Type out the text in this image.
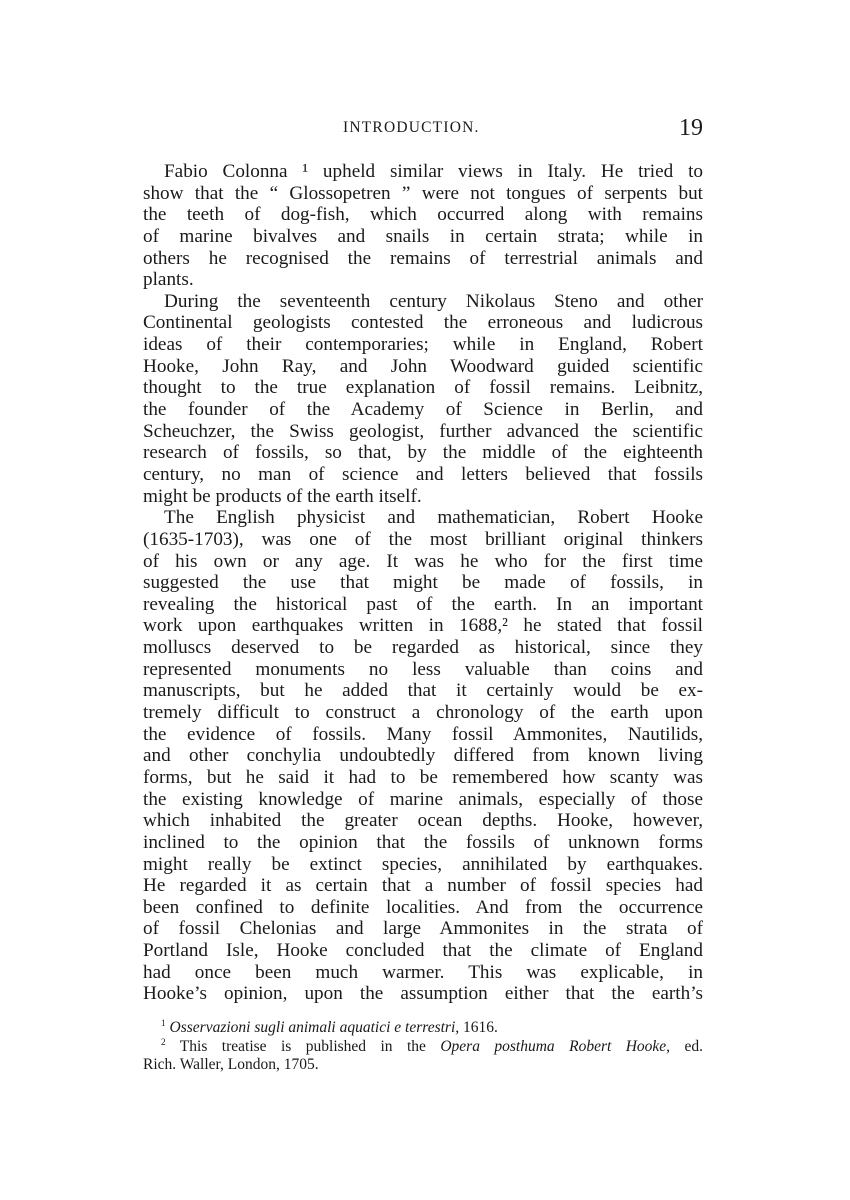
INTRODUCTION.	19
Fabio Colonna ¹ upheld similar views in Italy. He tried to
show that the “ Glossopetren ” were not tongues of serpents but
the teeth of dog-fish, which occurred along with remains
of marine bivalves and snails in certain strata; while in
others he recognised the remains of terrestrial animals and
plants.
During the seventeenth century Nikolaus Steno and other
Continental geologists contested the erroneous and ludicrous
ideas of their contemporaries; while in England, Robert
Hooke, John Ray, and John Woodward guided scientific
thought to the true explanation of fossil remains. Leibnitz,
the founder of the Academy of Science in Berlin, and
Scheuchzer, the Swiss geologist, further advanced the scientific
research of fossils, so that, by the middle of the eighteenth
century, no man of science and letters believed that fossils
might be products of the earth itself.
The English physicist and mathematician, Robert Hooke
(1635-1703), was one of the most brilliant original thinkers
of his own or any age. It was he who for the first time
suggested the use that might be made of fossils, in
revealing the historical past of the earth. In an important
work upon earthquakes written in 1688,² he stated that fossil
molluscs deserved to be regarded as historical, since they
represented monuments no less valuable than coins and
manuscripts, but he added that it certainly would be ex-
tremely difficult to construct a chronology of the earth upon
the evidence of fossils. Many fossil Ammonites, Nautilids,
and other conchylia undoubtedly differed from known living
forms, but he said it had to be remembered how scanty was
the existing knowledge of marine animals, especially of those
which inhabited the greater ocean depths. Hooke, however,
inclined to the opinion that the fossils of unknown forms
might really be extinct species, annihilated by earthquakes.
He regarded it as certain that a number of fossil species had
been confined to definite localities. And from the occurrence
of fossil Chelonias and large Ammonites in the strata of
Portland Isle, Hooke concluded that the climate of England
had once been much warmer. This was explicable, in
Hooke’s opinion, upon the assumption either that the earth’s
$^1$ Osservazioni sugli animali aquatici e terrestri, 1616.
$^2$ This treatise is published in the Opera posthuma Robert Hooke, ed.
Rich. Waller, London, 1705.
